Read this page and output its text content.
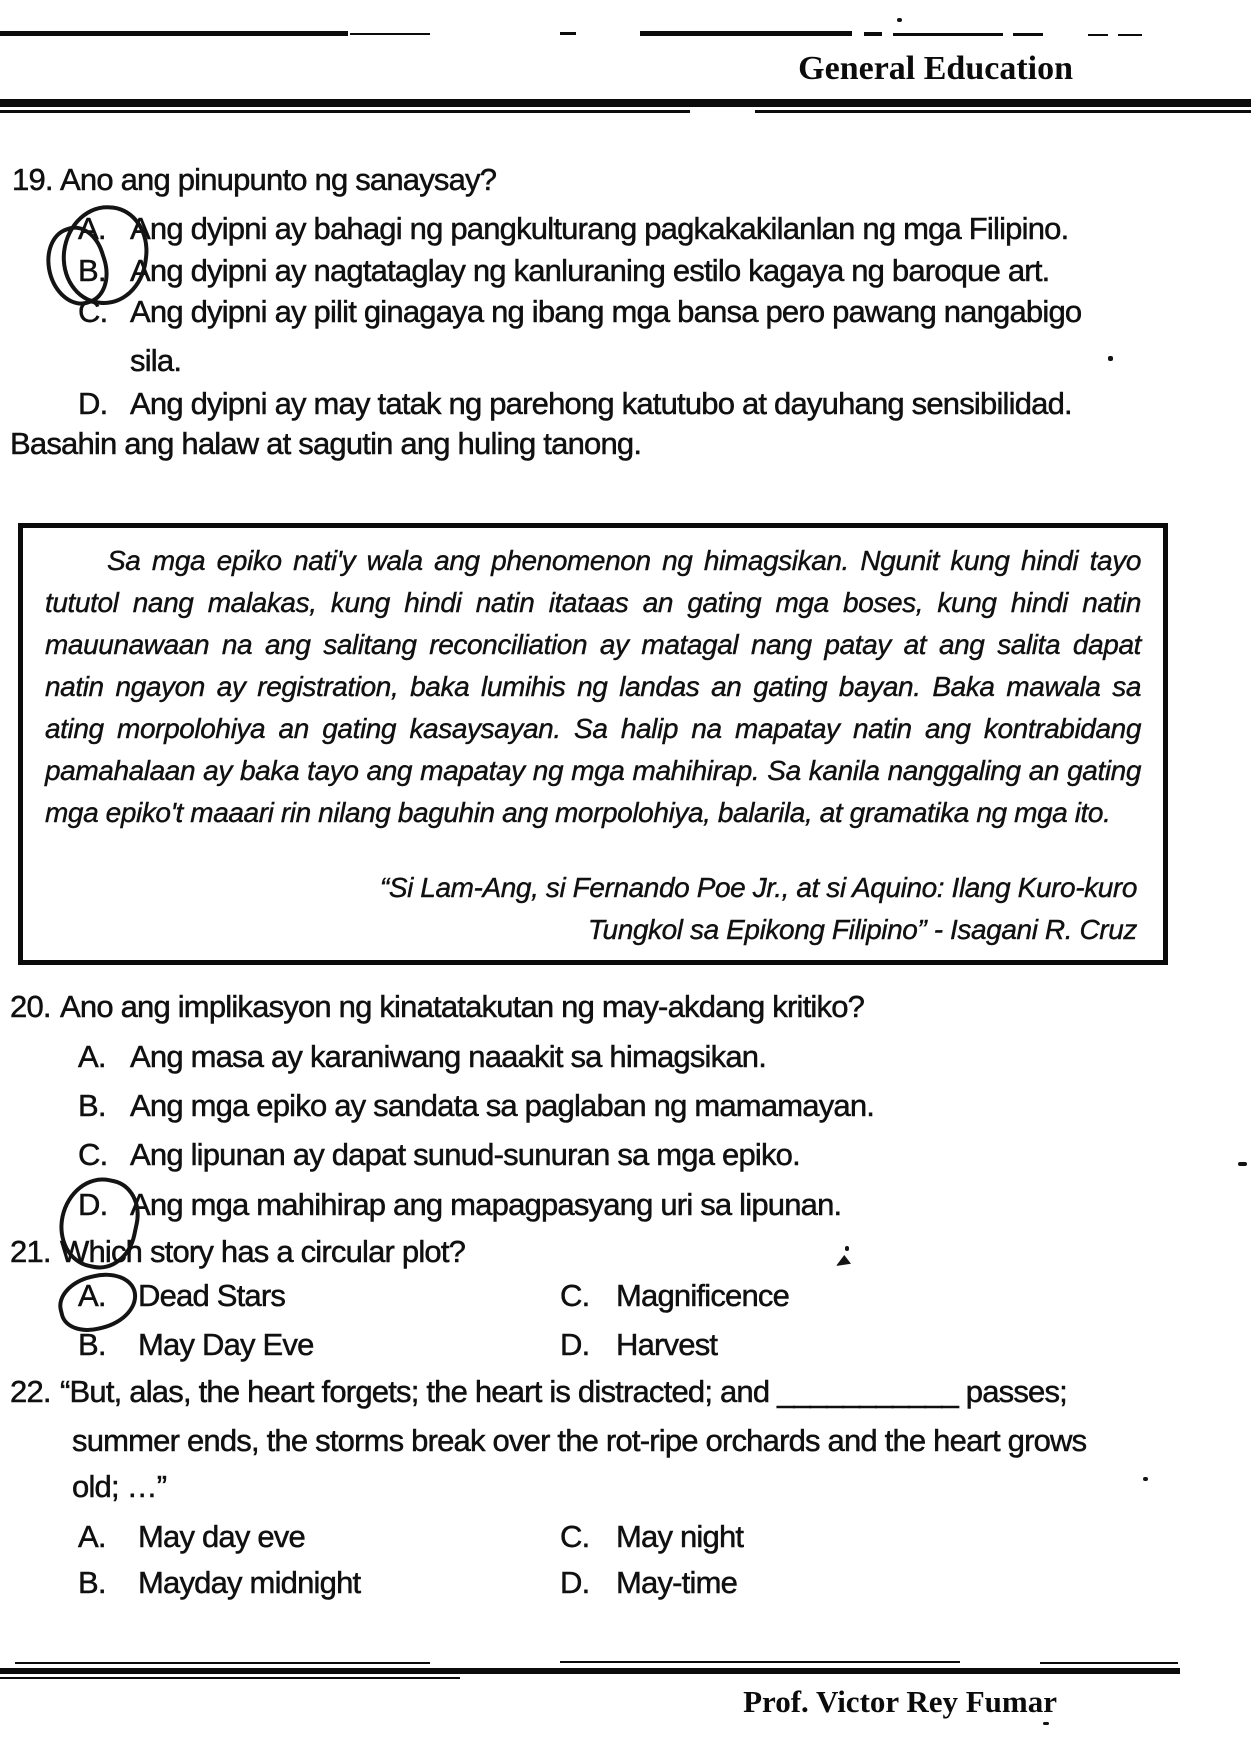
General Education
19. Ano ang pinupunto ng sanaysay?
A. Ang dyipni ay bahagi ng pangkulturang pagkakakilanlan ng mga Filipino.
B. Ang dyipni ay nagtataglay ng kanluraning estilo kagaya ng baroque art.
C. Ang dyipni ay pilit ginagaya ng ibang mga bansa pero pawang nangabigo
sila.
D. Ang dyipni ay may tatak ng parehong katutubo at dayuhang sensibilidad.
Basahin ang halaw at sagutin ang huling tanong.
Sa mga epiko nati'y wala ang phenomenon ng himagsikan. Ngunit kung hindi tayo tututol nang malakas, kung hindi natin itataas an gating mga boses, kung hindi natin mauunawaan na ang salitang reconciliation ay matagal nang patay at ang salita dapat natin ngayon ay registration, baka lumihis ng landas an gating bayan. Baka mawala sa ating morpolohiya an gating kasaysayan. Sa halip na mapatay natin ang kontrabidang pamahalaan ay baka tayo ang mapatay ng mga mahihirap. Sa kanila nanggaling an gating mga epiko't maaari rin nilang baguhin ang morpolohiya, balarila, at gramatika ng mga ito.
“Si Lam-Ang, si Fernando Poe Jr., at si Aquino: Ilang Kuro-kuro
Tungkol sa Epikong Filipino” - Isagani R. Cruz
20. Ano ang implikasyon ng kinatatakutan ng may-akdang kritiko?
A. Ang masa ay karaniwang naaakit sa himagsikan.
B. Ang mga epiko ay sandata sa paglaban ng mamamayan.
C. Ang lipunan ay dapat sunud-sunuran sa mga epiko.
D. Ang mga mahihirap ang mapagpasyang uri sa lipunan.
21. Which story has a circular plot?
A. Dead Stars	C. Magnificence
B. May Day Eve	D. Harvest
22. “But, alas, the heart forgets; the heart is distracted; and ___________ passes;
summer ends, the storms break over the rot-ripe orchards and the heart grows
old; …”
A. May day eve	C. May night
B. Mayday midnight	D. May-time
Prof. Victor Rey Fumar
